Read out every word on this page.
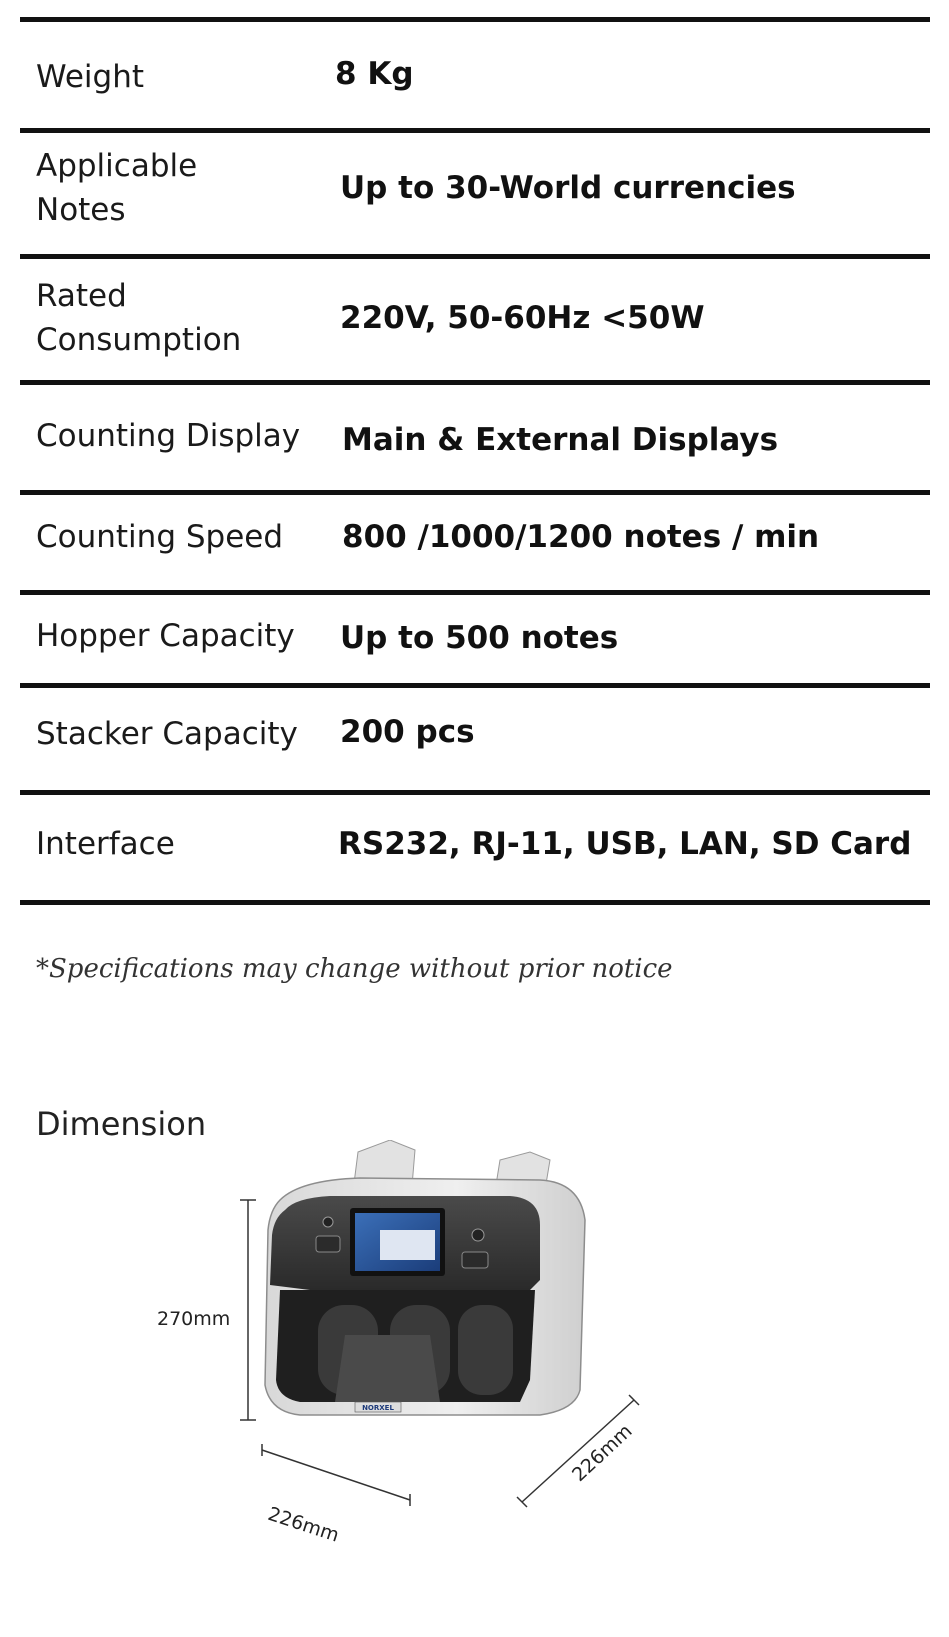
Weight	8 Kg
Applicable Notes
Up to 30-World currencies
Rated Consumption
220V, 50-60Hz <50W
Counting Display Main & External Displays
Counting Speed 800 /1000/1200 notes / min
Hopper Capacity Up to 500 notes
Stacker Capacity 200 pcs
Interface	RS232, RJ-11, USB, LAN, SD Card
*Specifications may change without prior notice
Dimension
NORXEL
270mm
226mm
226mm
